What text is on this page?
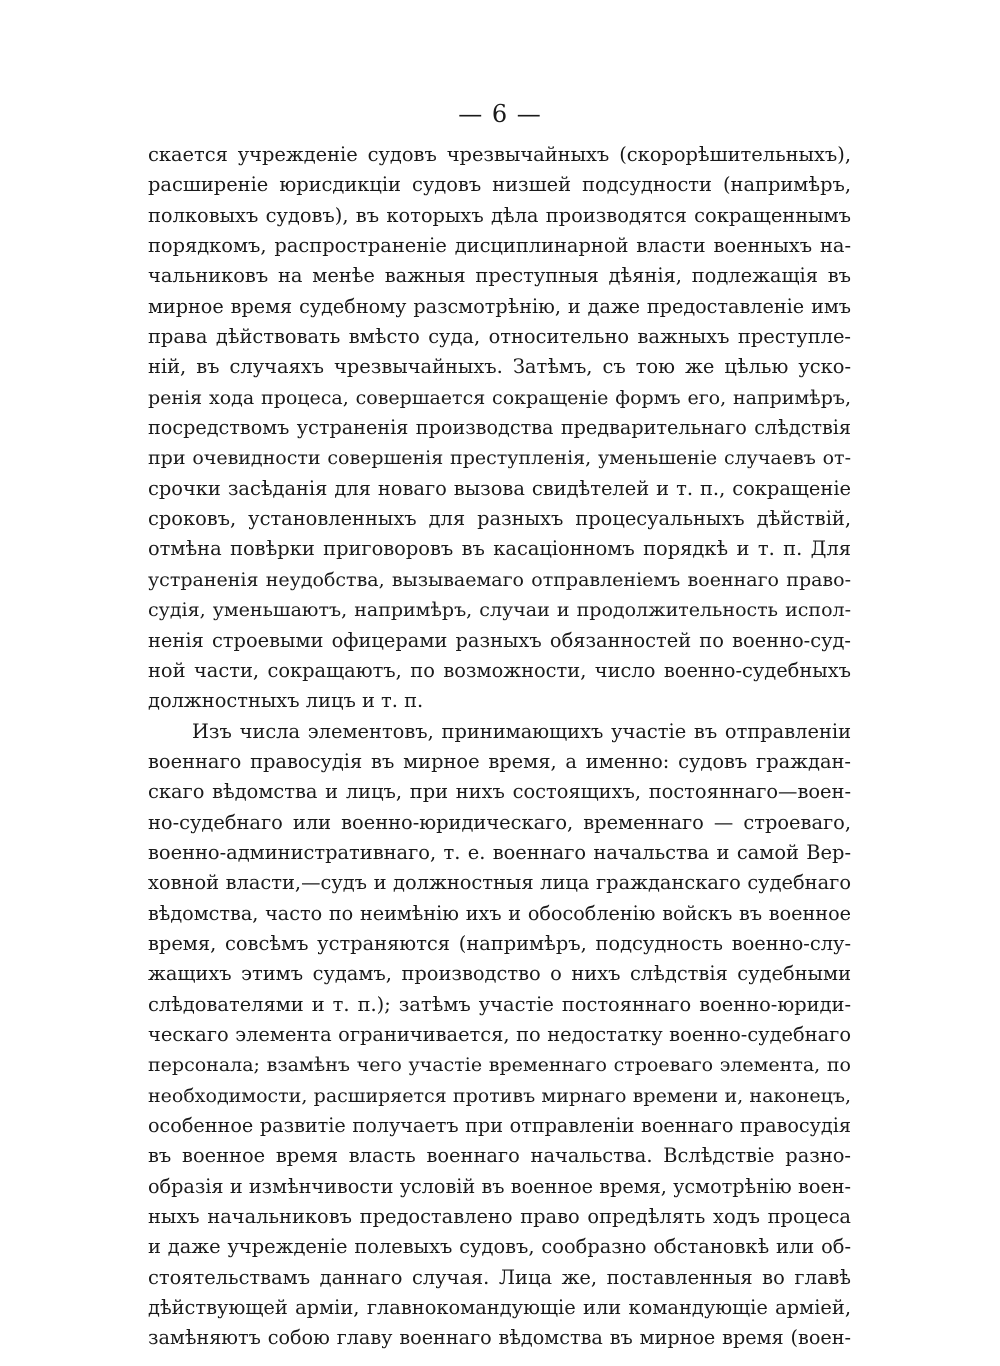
— 6 —
скается учрежденіе судовъ чрезвычайныхъ (скорорѣшительныхъ),
расширеніе юрисдикціи судовъ низшей подсудности (напримѣръ,
полковыхъ судовъ), въ которыхъ дѣла производятся сокращеннымъ
порядкомъ, распространеніе дисциплинарной власти военныхъ на-
чальниковъ на менѣе важныя преступныя дѣянія, подлежащія въ
мирное время судебному разсмотрѣнію, и даже предоставленіе имъ
права дѣйствовать вмѣсто суда, относительно важныхъ преступле-
ній, въ случаяхъ чрезвычайныхъ. Затѣмъ, съ тою же цѣлью ускo-
ренія хода процеса, совершается сокращеніе формъ его, напримѣръ,
посредствомъ устраненія производства предварительнаго слѣдствія
при очевидности совершенія преступленія, уменьшеніе случаевъ от-
срочки засѣданія для новаго вызова свидѣтелей и т. п., сокращеніе
сроковъ, установленныхъ для разныхъ процесуальныхъ дѣйствій,
отмѣна повѣрки приговоровъ въ касаціонномъ порядкѣ и т. п. Для
устраненія неудобства, вызываемаго отправленіемъ военнаго право-
судія, уменьшаютъ, напримѣръ, случаи и продолжительность испол-
ненія строевыми офицерами разныхъ обязанностей по военно-суд-
ной части, сокращаютъ, по возможности, число военно-судебныхъ
должностныхъ лицъ и т. п.
Изъ числа элементовъ, принимающихъ участіе въ отправленіи
военнаго правосудія въ мирное время, а именно: судовъ граждан-
скаго вѣдомства и лицъ, при нихъ состоящихъ, постояннаго—воен-
но-судебнаго или военно-юридическаго, временнаго — строеваго,
военно-административнаго, т. е. военнаго начальства и самой Вер-
ховной власти,—судъ и должностныя лица гражданскаго судебнаго
вѣдомства, часто по неимѣнію ихъ и обособленію войскъ въ военное
время, совсѣмъ устраняются (напримѣръ, подсудность военно-слу-
жащихъ этимъ судамъ, производство о нихъ слѣдствія судебными
слѣдователями и т. п.); затѣмъ участіе постояннаго военно-юриди-
ческаго элемента ограничивается, по недостатку военно-судебнаго
персонала; взамѣнъ чего участіе временнаго строеваго элемента, по
необходимости, расширяется противъ мирнаго времени и, наконецъ,
особенное развитіе получаетъ при отправленіи военнаго правосудія
въ военное время власть военнаго начальства. Вслѣдствіе разно-
образія и измѣнчивости условій въ военное время, усмотрѣнію воен-
ныхъ начальниковъ предоставлено право опредѣлять ходъ процеса
и даже учрежденіе полевыхъ судовъ, сообразно обстановкѣ или об-
стоятельствамъ даннаго случая. Лица же, поставленныя во главѣ
дѣйствующей арміи, главнокомандующіе или командующіе арміей,
замѣняютъ собою главу военнаго вѣдомства въ мирное время (воен-
